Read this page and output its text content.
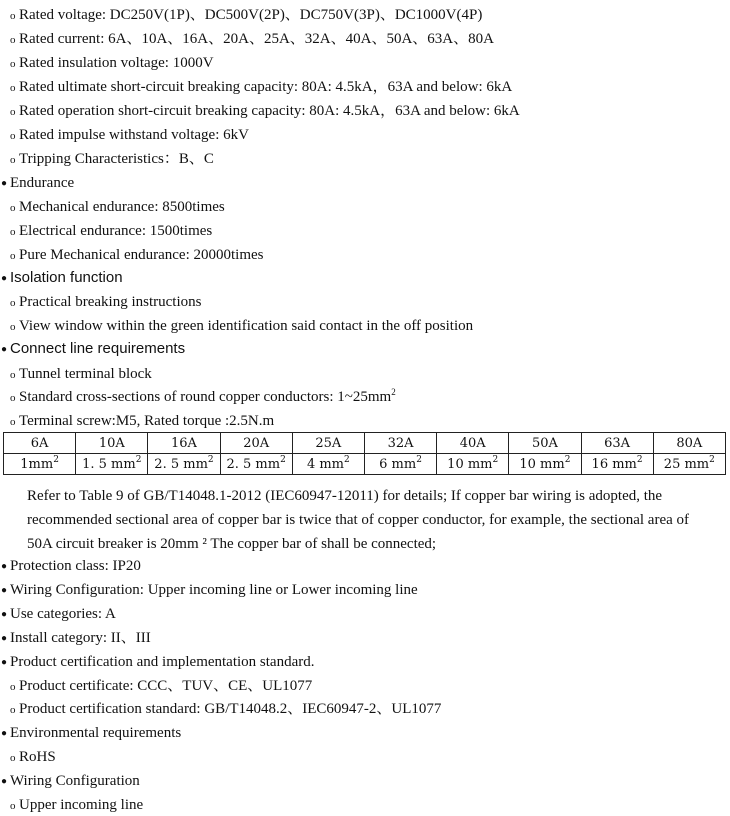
o Rated voltage: DC250V(1P)、DC500V(2P)、DC750V(3P)、DC1000V(4P)
o Rated current: 6A、10A、16A、20A、25A、32A、40A、50A、63A、80A
o Rated insulation voltage: 1000V
o Rated ultimate short-circuit breaking capacity: 80A: 4.5kA，63A and below: 6kA
o Rated operation short-circuit breaking capacity: 80A: 4.5kA，63A and below: 6kA
o Rated impulse withstand voltage: 6kV
o Tripping Characteristics：B、C
● Endurance
o Mechanical endurance: 8500times
o Electrical endurance: 1500times
o Pure Mechanical endurance: 20000times
● Isolation function
o Practical breaking instructions
o View window within the green identification said contact in the off position
● Connect line requirements
o Tunnel terminal block
o Standard cross-sections of round copper conductors: $1\sim 25mm^2$
o Terminal screw:M5, Rated torque :2.5N.m
6A	10A	16A	20A	25A	32A	40A	50A	63A	80A
$1mm^2$	1. 5 $mm^2$	2. 5 $mm^2$	2. 5 $mm^2$	4 $mm^2$	6 $mm^2$	10 $mm^2$	10 $mm^2$	16 $mm^2$	25 $mm^2$
Refer to Table 9 of GB/T14048.1-2012 (IEC60947-12011) for details; If copper bar wiring is adopted, the recommended sectional area of copper bar is twice that of copper conductor, for example, the sectional area of 50A circuit breaker is 20mm ² The copper bar of shall be connected;
● Protection class: IP20
● Wiring Configuration: Upper incoming line or Lower incoming line
● Use categories: A
● Install category: II、III
● Product certification and implementation standard.
o Product certificate: CCC、TUV、CE、UL1077
o Product certification standard: GB/T14048.2、IEC60947-2、UL1077
● Environmental requirements
o RoHS
● Wiring Configuration
o Upper incoming line
